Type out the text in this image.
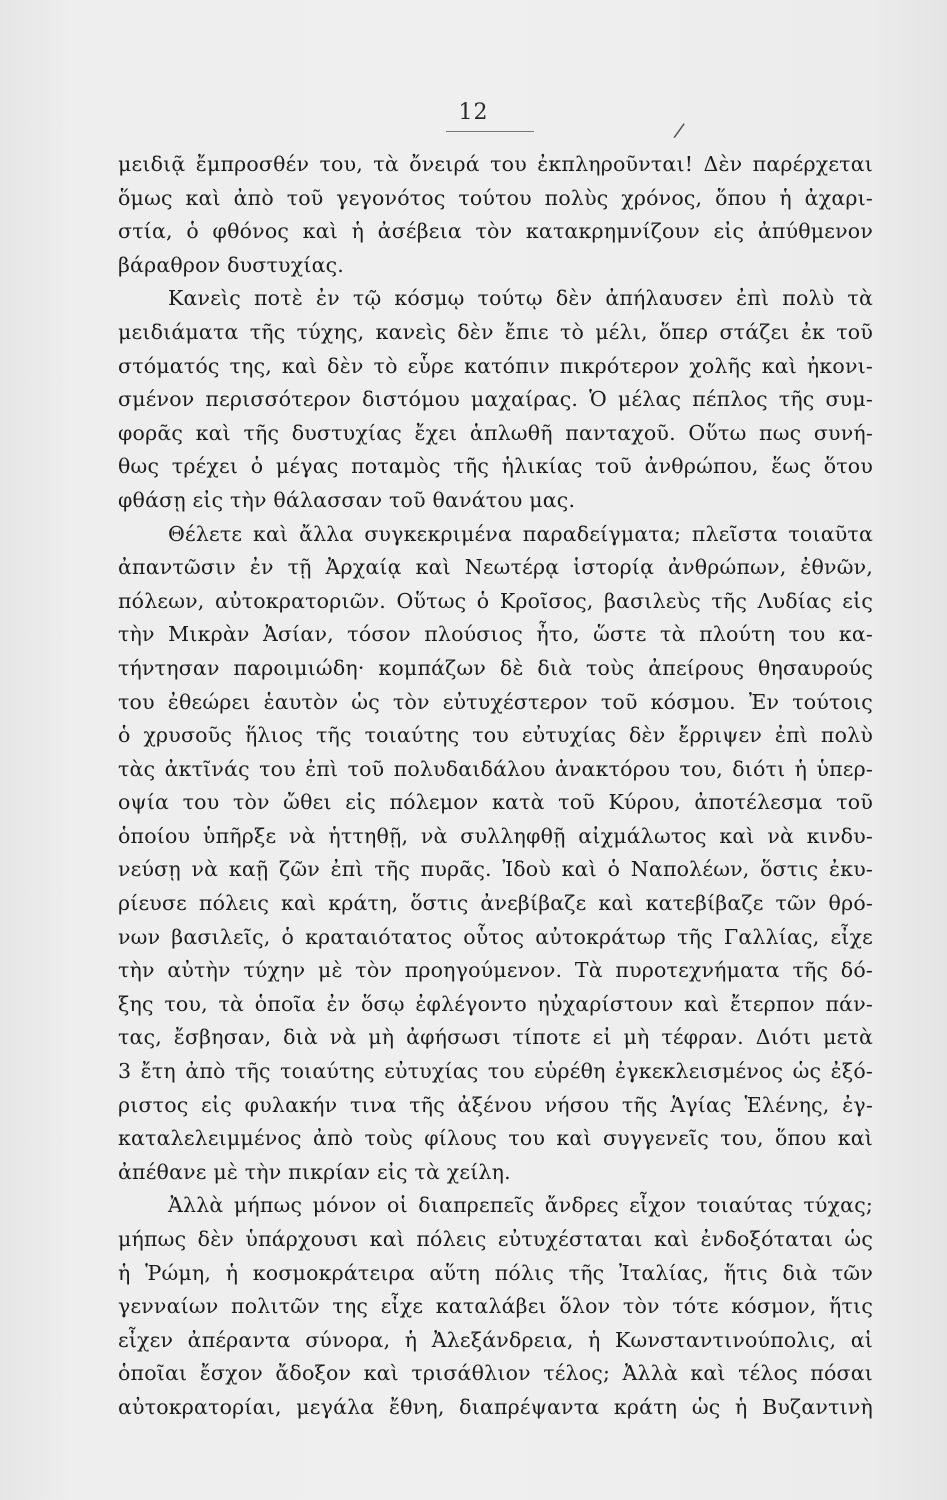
12
/
μειδιᾷ ἔμπροσθέν του, τὰ ὄνειρά του ἐκπληροῦνται! Δὲν παρέρχεται
ὅμως καὶ ἀπὸ τοῦ γεγονότος τούτου πολὺς χρόνος, ὅπου ἡ ἀχαρι-
στία, ὁ φθόνος καὶ ἡ ἀσέβεια τὸν κατακρημνίζουν εἰς ἀπύθμενον
βάραθρον δυστυχίας.
Κανεὶς ποτὲ ἐν τῷ κόσμῳ τούτῳ δὲν ἀπήλαυσεν ἐπὶ πολὺ τὰ
μειδιάματα τῆς τύχης, κανεὶς δὲν ἔπιε τὸ μέλι, ὅπερ στάζει ἐκ τοῦ
στόματός της, καὶ δὲν τὸ εὗρε κατόπιν πικρότερον χολῆς καὶ ἠκονι-
σμένον περισσότερον διστόμου μαχαίρας. Ὁ μέλας πέπλος τῆς συμ-
φορᾶς καὶ τῆς δυστυχίας ἔχει ἁπλωθῆ πανταχοῦ. Οὕτω πως συνή-
θως τρέχει ὁ μέγας ποταμὸς τῆς ἡλικίας τοῦ ἀνθρώπου, ἕως ὅτου
φθάσῃ εἰς τὴν θάλασσαν τοῦ θανάτου μας.
Θέλετε καὶ ἄλλα συγκεκριμένα παραδείγματα; πλεῖστα τοιαῦτα
ἀπαντῶσιν ἐν τῇ Ἀρχαίᾳ καὶ Νεωτέρᾳ ἱστορίᾳ ἀνθρώπων, ἐθνῶν,
πόλεων, αὐτοκρατοριῶν. Οὕτως ὁ Κροῖσος, βασιλεὺς τῆς Λυδίας εἰς
τὴν Μικρὰν Ἀσίαν, τόσον πλούσιος ἦτο, ὥστε τὰ πλούτη του κα-
τήντησαν παροιμιώδη· κομπάζων δὲ διὰ τοὺς ἀπείρους θησαυρούς
του ἐθεώρει ἑαυτὸν ὡς τὸν εὐτυχέστερον τοῦ κόσμου. Ἐν τούτοις
ὁ χρυσοῦς ἥλιος τῆς τοιαύτης του εὐτυχίας δὲν ἔρριψεν ἐπὶ πολὺ
τὰς ἀκτῖνάς του ἐπὶ τοῦ πολυδαιδάλου ἀνακτόρου του, διότι ἡ ὑπερ-
οψία του τὸν ὤθει εἰς πόλεμον κατὰ τοῦ Κύρου, ἀποτέλεσμα τοῦ
ὁποίου ὑπῆρξε νὰ ἡττηθῇ, νὰ συλληφθῇ αἰχμάλωτος καὶ νὰ κινδυ-
νεύσῃ νὰ καῇ ζῶν ἐπὶ τῆς πυρᾶς. Ἰδοὺ καὶ ὁ Ναπολέων, ὅστις ἐκυ-
ρίευσε πόλεις καὶ κράτη, ὅστις ἀνεβίβαζε καὶ κατεβίβαζε τῶν θρό-
νων βασιλεῖς, ὁ κραταιότατος οὗτος αὐτοκράτωρ τῆς Γαλλίας, εἶχε
τὴν αὐτὴν τύχην μὲ τὸν προηγούμενον. Τὰ πυροτεχνήματα τῆς δό-
ξης του, τὰ ὁποῖα ἐν ὅσῳ ἐφλέγοντο ηὐχαρίστουν καὶ ἔτερπον πάν-
τας, ἔσβησαν, διὰ νὰ μὴ ἀφήσωσι τίποτε εἰ μὴ τέφραν. Διότι μετὰ
3 ἔτη ἀπὸ τῆς τοιαύτης εὐτυχίας του εὑρέθη ἐγκεκλεισμένος ὡς ἐξό-
ριστος εἰς φυλακήν τινα τῆς ἀξένου νήσου τῆς Ἁγίας Ἑλένης, ἐγ-
καταλελειμμένος ἀπὸ τοὺς φίλους του καὶ συγγενεῖς του, ὅπου καὶ
ἀπέθανε μὲ τὴν πικρίαν εἰς τὰ χείλη.
Ἀλλὰ μήπως μόνον οἱ διαπρεπεῖς ἄνδρες εἶχον τοιαύτας τύχας;
μήπως δὲν ὑπάρχουσι καὶ πόλεις εὐτυχέσταται καὶ ἐνδοξόταται ὡς
ἡ Ῥώμη, ἡ κοσμοκράτειρα αὕτη πόλις τῆς Ἰταλίας, ἥτις διὰ τῶν
γενναίων πολιτῶν της εἶχε καταλάβει ὅλον τὸν τότε κόσμον, ἥτις
εἶχεν ἀπέραντα σύνορα, ἡ Ἀλεξάνδρεια, ἡ Κωνσταντινούπολις, αἱ
ὁποῖαι ἔσχον ἄδοξον καὶ τρισάθλιον τέλος; Ἀλλὰ καὶ τέλος πόσαι
αὐτοκρατορίαι, μεγάλα ἔθνη, διαπρέψαντα κράτη ὡς ἡ Βυζαντινὴ
